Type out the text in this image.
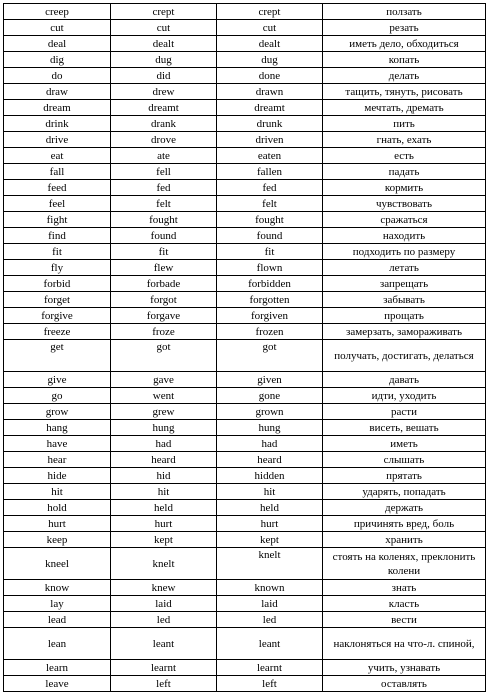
creep	crept	crept	ползать
cut	cut	cut	резать
deal	dealt	dealt	иметь дело, обходиться
dig	dug	dug	копать
do	did	done	делать
draw	drew	drawn	тащить, тянуть, рисовать
dream	dreamt	dreamt	мечтать, дремать
drink	drank	drunk	пить
drive	drove	driven	гнать, ехать
eat	ate	eaten	есть
fall	fell	fallen	падать
feed	fed	fed	кормить
feel	felt	felt	чувствовать
fight	fought	fought	сражаться
find	found	found	находить
fit	fit	fit	подходить по размеру
fly	flew	flown	летать
forbid	forbade	forbidden	запрещать
forget	forgot	forgotten	забывать
forgive	forgave	forgiven	прощать
freeze	froze	frozen	замерзать, замораживать
get	got	got	получать, достигать, делаться
give	gave	given	давать
go	went	gone	идти, уходить
grow	grew	grown	расти
hang	hung	hung	висеть, вешать
have	had	had	иметь
hear	heard	heard	слышать
hide	hid	hidden	прятать
hit	hit	hit	ударять, попадать
hold	held	held	держать
hurt	hurt	hurt	причинять вред, боль
keep	kept	kept	хранить
kneel	knelt	knelt	стоять на коленях, преклонить колени
know	knew	known	знать
lay	laid	laid	класть
lead	led	led	вести
lean	leant	leant	наклоняться на что-л. спиной,
learn	learnt	learnt	учить, узнавать
leave	left	left	оставлять
